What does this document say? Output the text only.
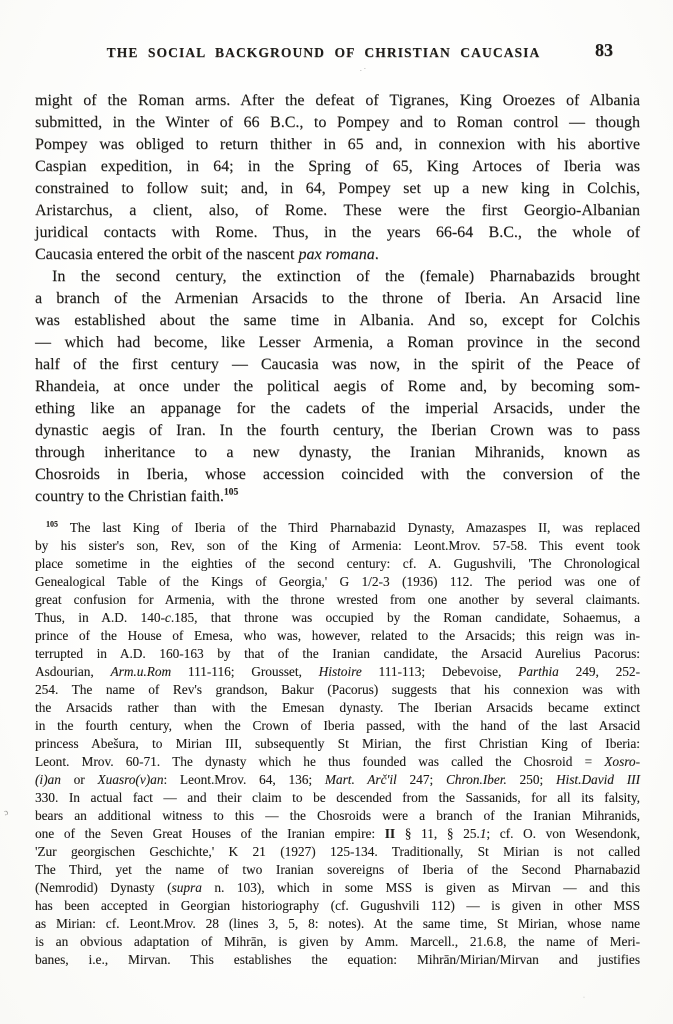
THE SOCIAL BACKGROUND OF CHRISTIAN CAUCASIA	83
might of the Roman arms. After the defeat of Tigranes, King Oroezes of Albania
submitted, in the Winter of 66 B.C., to Pompey and to Roman control — though
Pompey was obliged to return thither in 65 and, in connexion with his abortive
Caspian expedition, in 64; in the Spring of 65, King Artoces of Iberia was
constrained to follow suit; and, in 64, Pompey set up a new king in Colchis,
Aristarchus, a client, also, of Rome. These were the first Georgio-Albanian
juridical contacts with Rome. Thus, in the years 66-64 B.C., the whole of
Caucasia entered the orbit of the nascent pax romana.
In the second century, the extinction of the (female) Pharnabazids brought
a branch of the Armenian Arsacids to the throne of Iberia. An Arsacid line
was established about the same time in Albania. And so, except for Colchis
— which had become, like Lesser Armenia, a Roman province in the second
half of the first century — Caucasia was now, in the spirit of the Peace of
Rhandeia, at once under the political aegis of Rome and, by becoming som-
ething like an appanage for the cadets of the imperial Arsacids, under the
dynastic aegis of Iran. In the fourth century, the Iberian Crown was to pass
through inheritance to a new dynasty, the Iranian Mihranids, known as
Chosroids in Iberia, whose accession coincided with the conversion of the
country to the Christian faith.$^{105}$
$^{105}$ The last King of Iberia of the Third Pharnabazid Dynasty, Amazaspes II, was replaced
by his sister's son, Rev, son of the King of Armenia: Leont.Mrov. 57-58. This event took
place sometime in the eighties of the second century: cf. A. Gugushvili, 'The Chronological
Genealogical Table of the Kings of Georgia,' G 1/2-3 (1936) 112. The period was one of
great confusion for Armenia, with the throne wrested from one another by several claimants.
Thus, in A.D. 140-c.185, that throne was occupied by the Roman candidate, Sohaemus, a
prince of the House of Emesa, who was, however, related to the Arsacids; this reign was in-
terrupted in A.D. 160-163 by that of the Iranian candidate, the Arsacid Aurelius Pacorus:
Asdourian, Arm.u.Rom 111-116; Grousset, Histoire 111-113; Debevoise, Parthia 249, 252-
254. The name of Rev's grandson, Bakur (Pacorus) suggests that his connexion was with
the Arsacids rather than with the Emesan dynasty. The Iberian Arsacids became extinct
in the fourth century, when the Crown of Iberia passed, with the hand of the last Arsacid
princess Abešura, to Mirian III, subsequently St Mirian, the first Christian King of Iberia:
Leont. Mrov. 60-71. The dynasty which he thus founded was called the Chosroid = Xosro-
(i)an or Xuasro(v)an: Leont.Mrov. 64, 136; Mart. Arč'il 247; Chron.Iber. 250; Hist.David III
330. In actual fact — and their claim to be descended from the Sassanids, for all its falsity,
bears an additional witness to this — the Chosroids were a branch of the Iranian Mihranids,
one of the Seven Great Houses of the Iranian empire: II § 11, § 25.1; cf. O. von Wesendonk,
'Zur georgischen Geschichte,' K 21 (1927) 125-134. Traditionally, St Mirian is not called
The Third, yet the name of two Iranian sovereigns of Iberia of the Second Pharnabazid
(Nemrodid) Dynasty (supra n. 103), which in some MSS is given as Mirvan — and this
has been accepted in Georgian historiography (cf. Gugushvili 112) — is given in other MSS
as Mirian: cf. Leont.Mrov. 28 (lines 3, 5, 8: notes). At the same time, St Mirian, whose name
is an obvious adaptation of Mihrān, is given by Amm. Marcell., 21.6.8, the name of Meri-
banes, i.e., Mirvan. This establishes the equation: Mihrān/Mirian/Mirvan and justifies
ɔ
.·
·
